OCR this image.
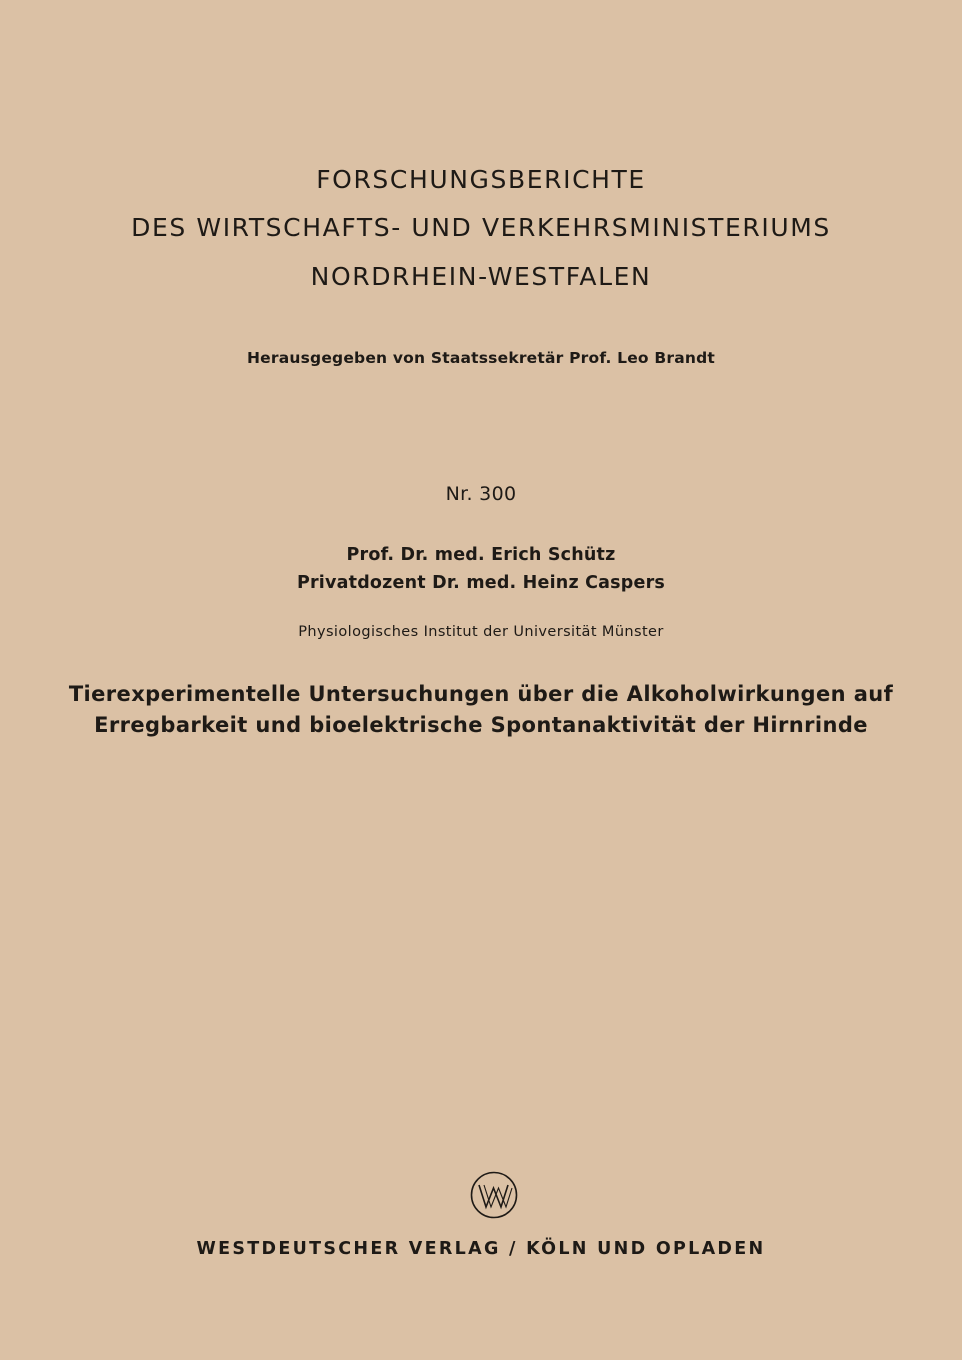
FORSCHUNGSBERICHTE
DES WIRTSCHAFTS- UND VERKEHRSMINISTERIUMS
NORDRHEIN-WESTFALEN
Herausgegeben von Staatssekretär Prof. Leo Brandt
Nr. 300
Prof. Dr. med. Erich Schütz
Privatdozent Dr. med. Heinz Caspers
Physiologisches Institut der Universität Münster
Tierexperimentelle Untersuchungen über die Alkoholwirkungen auf
Erregbarkeit und bioelektrische Spontanaktivität der Hirnrinde
WESTDEUTSCHER VERLAG / KÖLN UND OPLADEN
